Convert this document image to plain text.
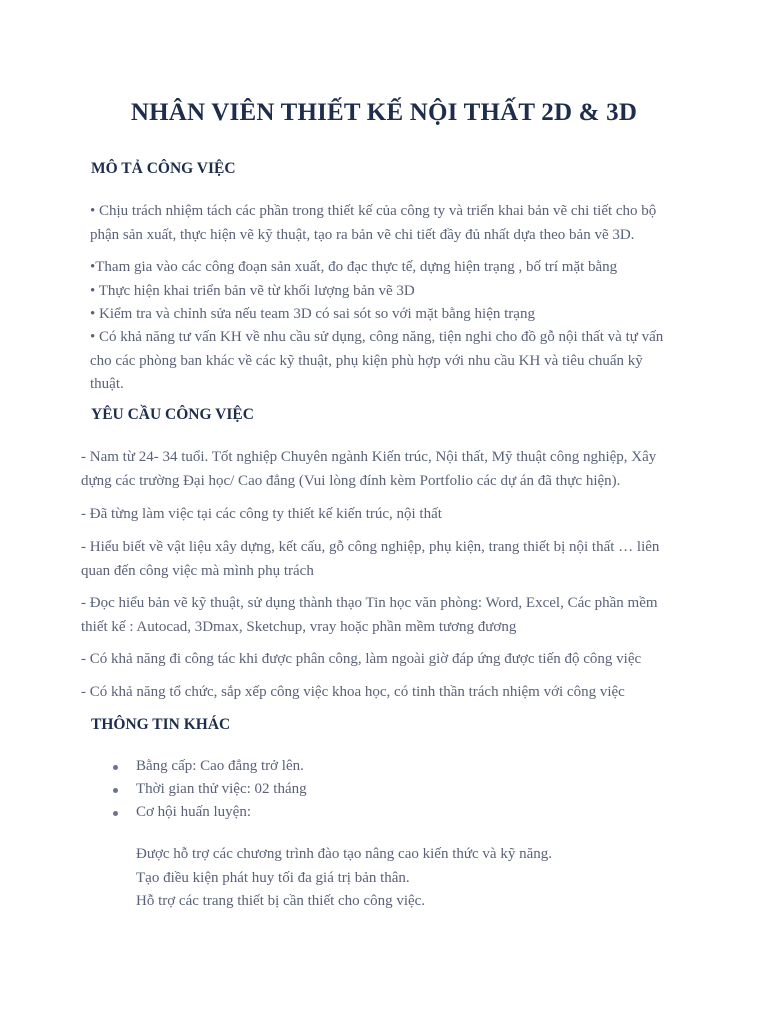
NHÂN VIÊN THIẾT KẾ NỘI THẤT 2D & 3D
MÔ TẢ CÔNG VIỆC
• Chịu trách nhiệm tách các phần trong thiết kế của công ty và triển khai bản vẽ chi tiết cho bộ phận sản xuất, thực hiện vẽ kỹ thuật, tạo ra bản vẽ chi tiết đầy đủ nhất dựa theo bản vẽ 3D.
•Tham gia vào các công đoạn sản xuất, đo đạc thực tế, dựng hiện trạng , bố trí mặt bằng
• Thực hiện khai triển bản vẽ từ khối lượng bản vẽ 3D
• Kiểm tra và chỉnh sửa nếu team 3D có sai sót so với mặt bằng hiện trạng
• Có khả năng tư vấn KH về nhu cầu sử dụng, công năng, tiện nghi cho đồ gỗ nội thất và tự vấn cho các phòng ban khác về các kỹ thuật, phụ kiện phù hợp với nhu cầu KH và tiêu chuẩn kỹ thuật.
YÊU CẦU CÔNG VIỆC
- Nam từ 24- 34 tuổi. Tốt nghiệp Chuyên ngành Kiến trúc, Nội thất, Mỹ thuật công nghiệp, Xây dựng các trường Đại học/ Cao đẳng (Vui lòng đính kèm Portfolio các dự án đã thực hiện).
- Đã từng làm việc tại các công ty thiết kế kiến trúc, nội thất
- Hiểu biết về vật liệu xây dựng, kết cấu, gỗ công nghiệp, phụ kiện, trang thiết bị nội thất … liên quan đến công việc mà mình phụ trách
- Đọc hiểu bản vẽ kỹ thuật, sử dụng thành thạo Tin học văn phòng: Word, Excel, Các phần mềm thiết kế : Autocad, 3Dmax, Sketchup, vray hoặc phần mềm tương đương
- Có khả năng đi công tác khi được phân công, làm ngoài giờ đáp ứng được tiến độ công việc
- Có khả năng tổ chức, sắp xếp công việc khoa học, có tinh thần trách nhiệm với công việc
THÔNG TIN KHÁC
Bằng cấp: Cao đẳng trở lên.
Thời gian thử việc: 02 tháng
Cơ hội huấn luyện:
Được hỗ trợ các chương trình đào tạo nâng cao kiến thức và kỹ năng.
Tạo điều kiện phát huy tối đa giá trị bản thân.
Hỗ trợ các trang thiết bị cần thiết cho công việc.
